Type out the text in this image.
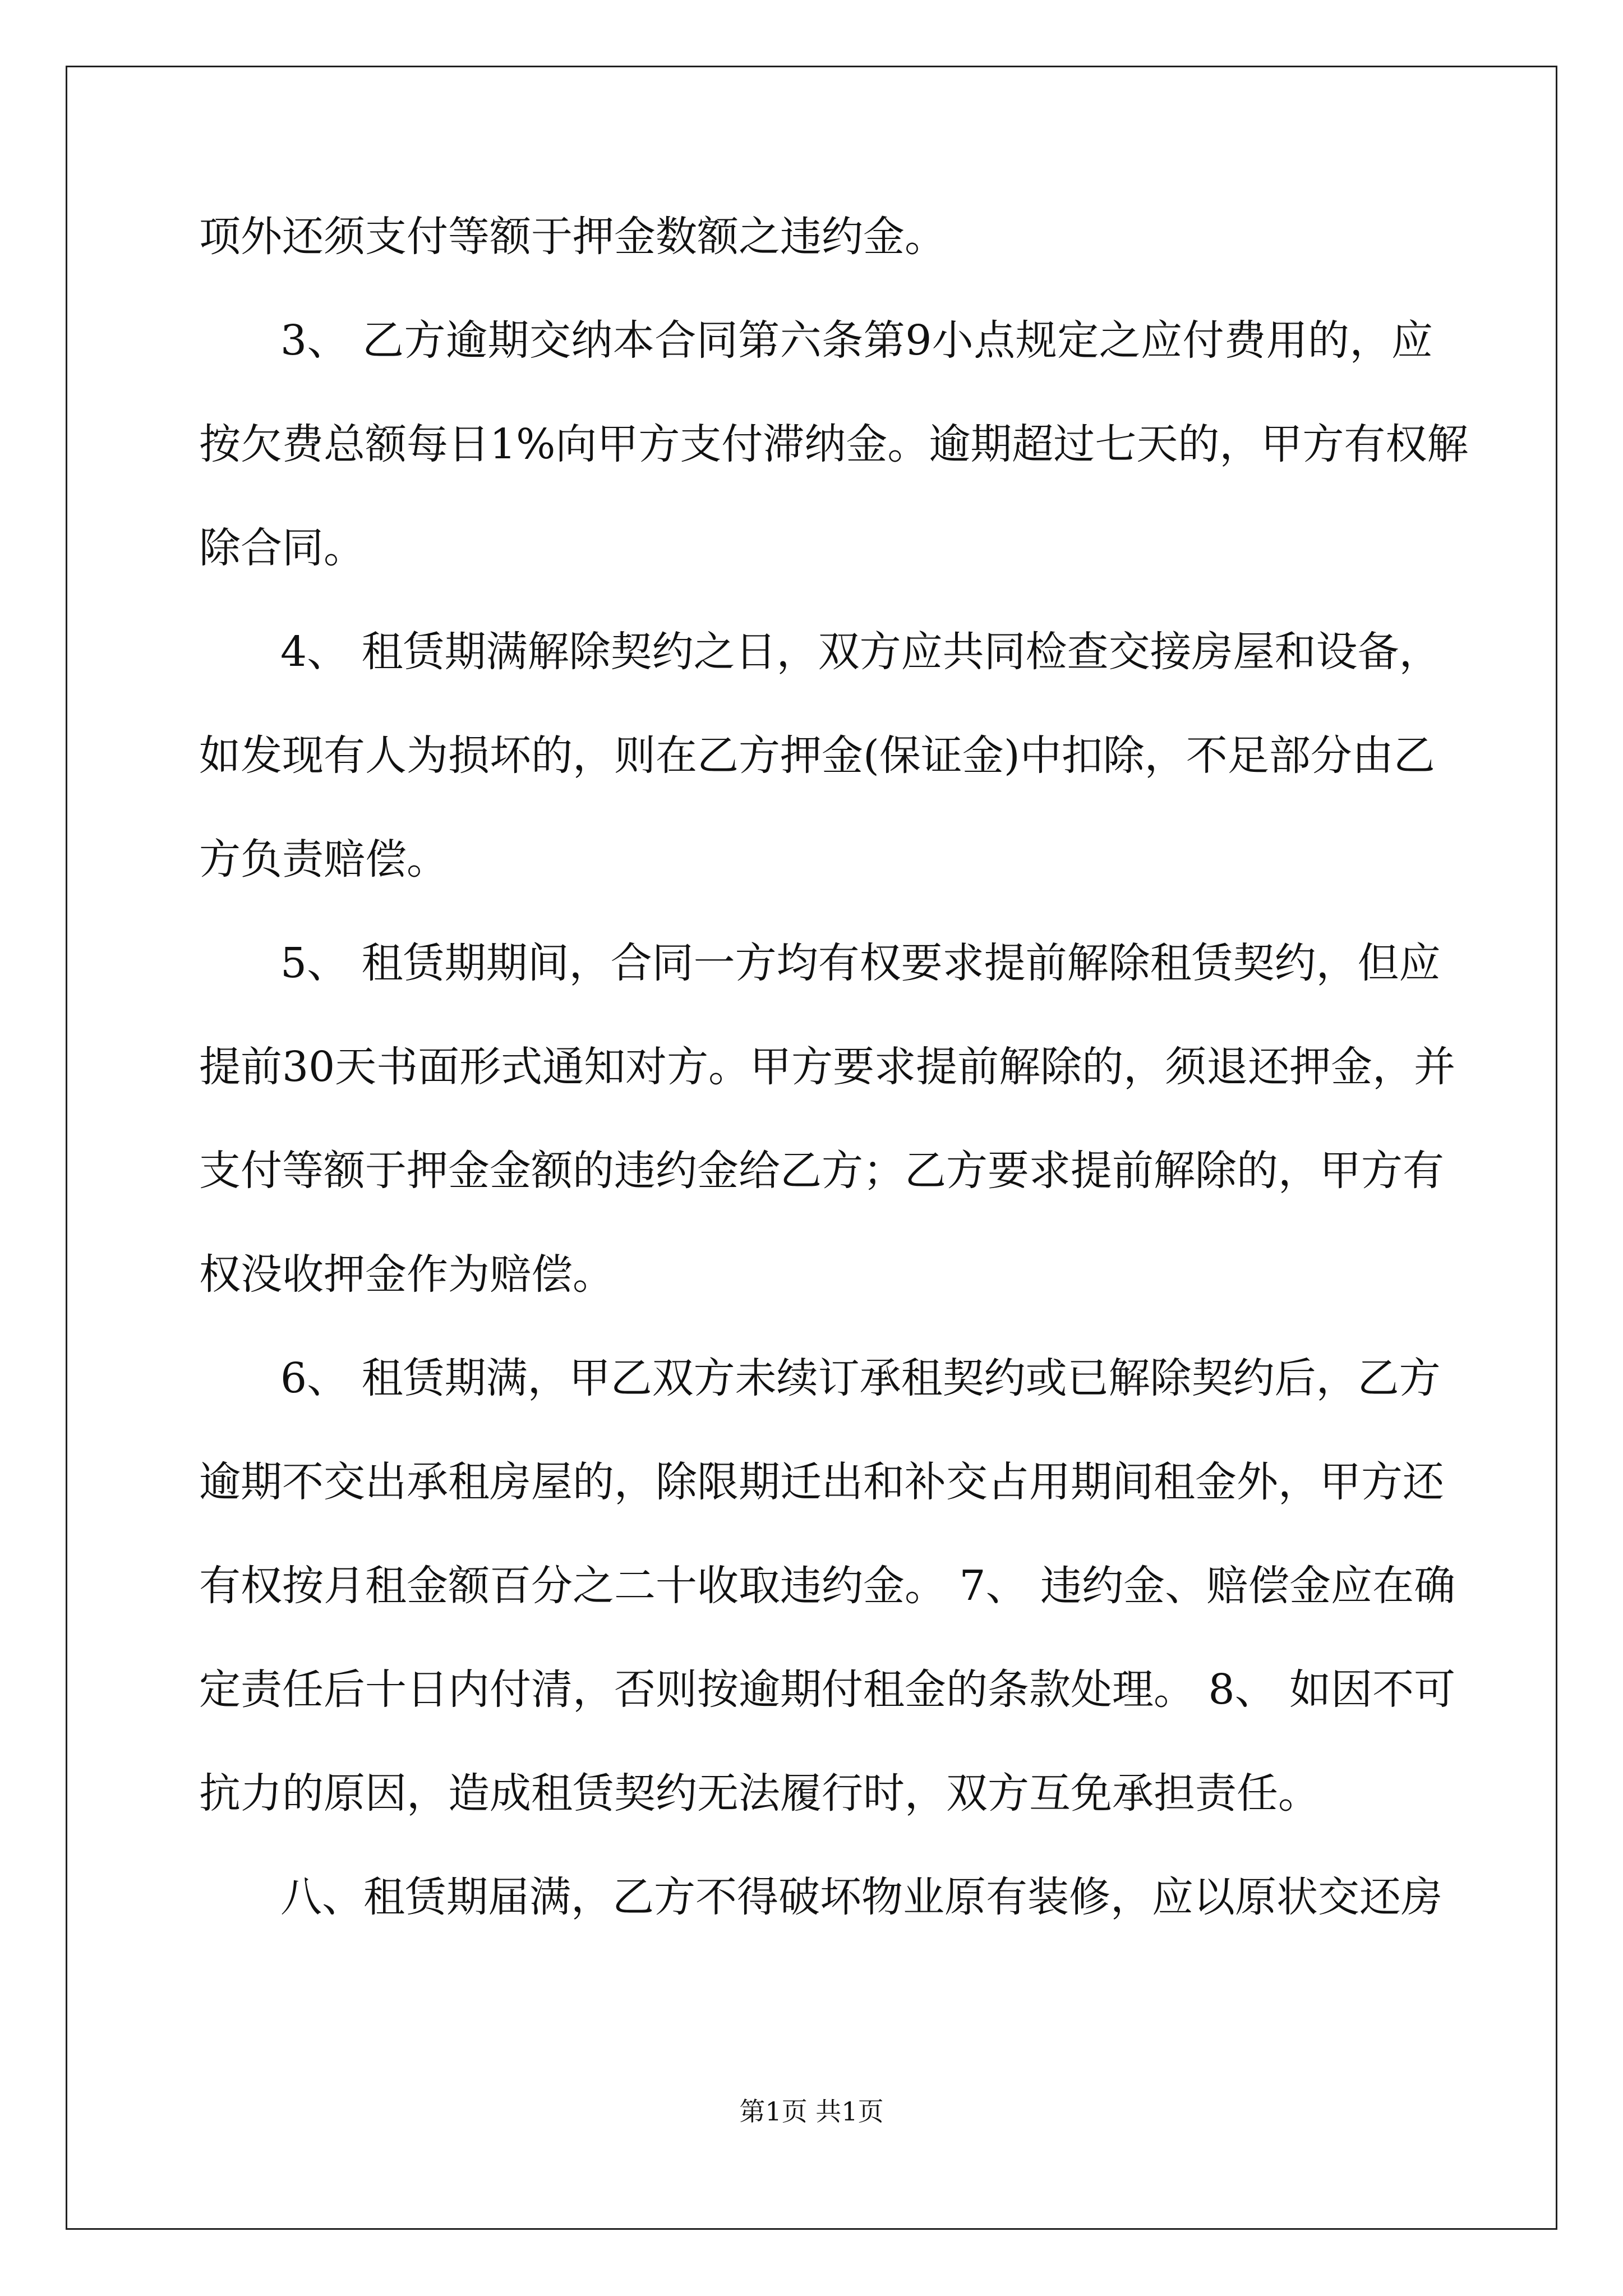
项外还须支付等额于押金数额之违约金。
3、 乙方逾期交纳本合同第六条第9小点规定之应付费用的，应
按欠费总额每日1%向甲方支付滞纳金。逾期超过七天的，甲方有权解
除合同。
4、 租赁期满解除契约之日，双方应共同检查交接房屋和设备，
如发现有人为损坏的，则在乙方押金(保证金)中扣除，不足部分由乙
方负责赔偿。
5、 租赁期期间，合同一方均有权要求提前解除租赁契约，但应
提前30天书面形式通知对方。甲方要求提前解除的，须退还押金，并
支付等额于押金金额的违约金给乙方；乙方要求提前解除的，甲方有
权没收押金作为赔偿。
6、 租赁期满，甲乙双方未续订承租契约或已解除契约后，乙方
逾期不交出承租房屋的，除限期迁出和补交占用期间租金外，甲方还
有权按月租金额百分之二十收取违约金。 7、 违约金、赔偿金应在确
定责任后十日内付清，否则按逾期付租金的条款处理。 8、 如因不可
抗力的原因，造成租赁契约无法履行时，双方互免承担责任。
八、租赁期届满，乙方不得破坏物业原有装修，应以原状交还房
第1页 共1页
